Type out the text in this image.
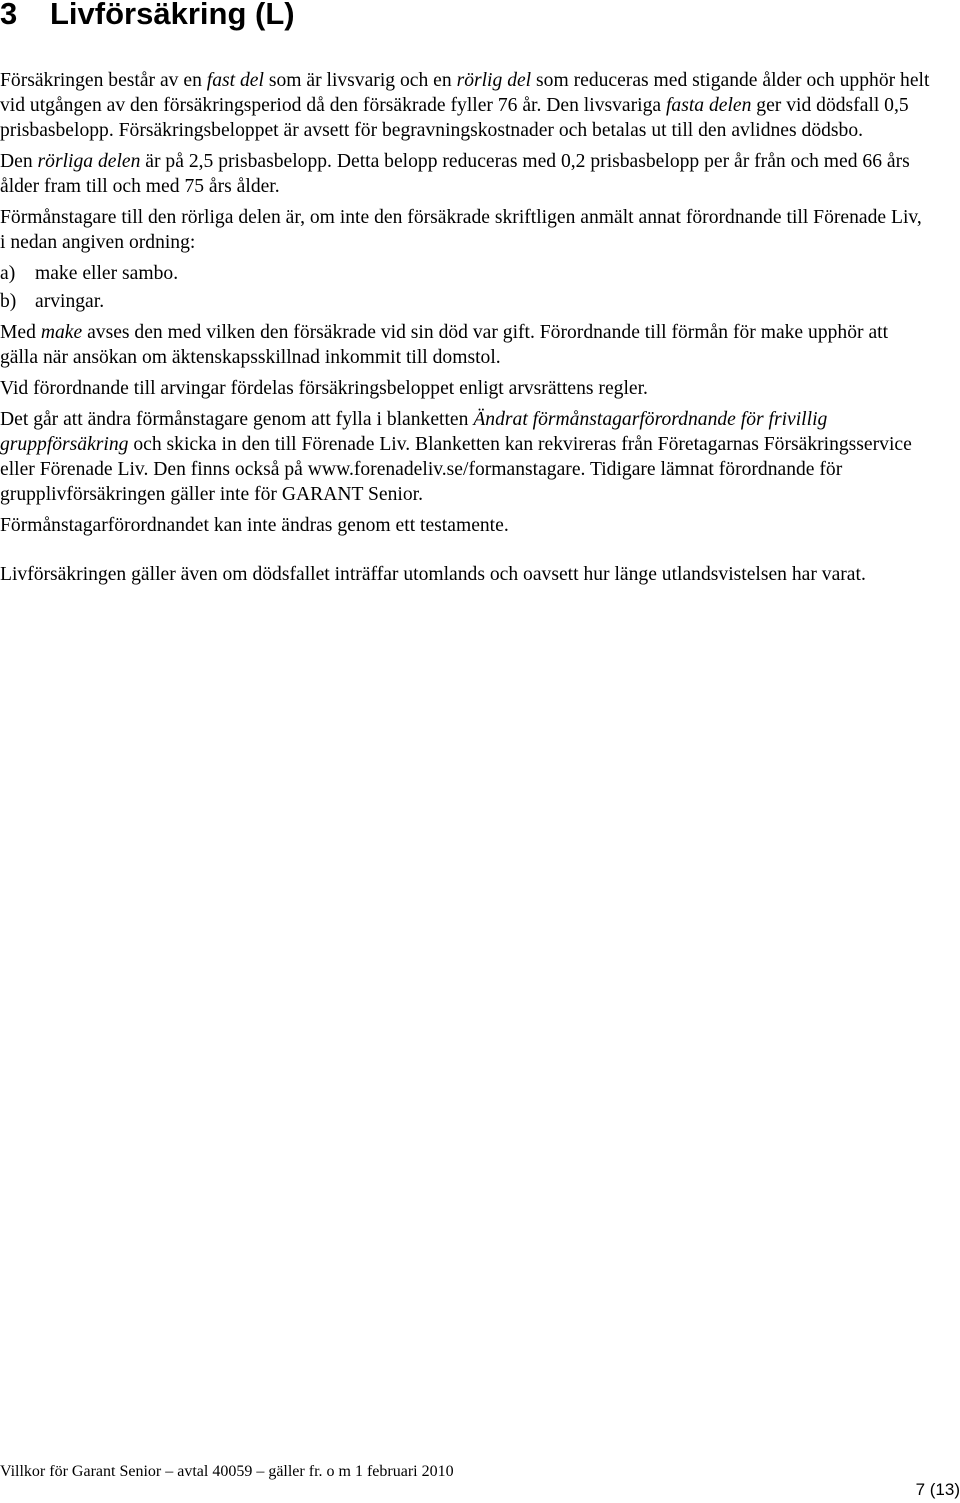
3 Livförsäkring (L)

Försäkringen består av en fast del som är livsvarig och en rörlig del som reduceras med stigande ålder och upphör helt vid utgången av den försäkringsperiod då den försäkrade fyller 76 år. Den livsvariga fasta delen ger vid dödsfall 0,5 prisbasbelopp. Försäkringsbeloppet är avsett för begravningskostnader och betalas ut till den avlidnes dödsbo.

Den rörliga delen är på 2,5 prisbasbelopp. Detta belopp reduceras med 0,2 prisbasbelopp per år från och med 66 års ålder fram till och med 75 års ålder.

Förmånstagare till den rörliga delen är, om inte den försäkrade skriftligen anmält annat förordnande till Förenade Liv, i nedan angiven ordning:

a) make eller sambo.

b) arvingar.

Med make avses den med vilken den försäkrade vid sin död var gift. Förordnande till förmån för make upphör att gälla när ansökan om äktenskapsskillnad inkommit till domstol.

Vid förordnande till arvingar fördelas försäkringsbeloppet enligt arvsrättens regler.

Det går att ändra förmånstagare genom att fylla i blanketten Ändrat förmånstagarförordnande för frivillig gruppförsäkring och skicka in den till Förenade Liv. Blanketten kan rekvireras från Företagarnas Försäkringsservice eller Förenade Liv. Den finns också på www.forenadeliv.se/formanstagare. Tidigare lämnat förordnande för grupplivförsäkringen gäller inte för GARANT Senior.

Förmånstagarförordnandet kan inte ändras genom ett testamente.

Livförsäkringen gäller även om dödsfallet inträffar utomlands och oavsett hur länge utlandsvistelsen har varat.

Villkor för Garant Senior – avtal 40059 – gäller fr. o m 1 februari 2010
7 (13)
